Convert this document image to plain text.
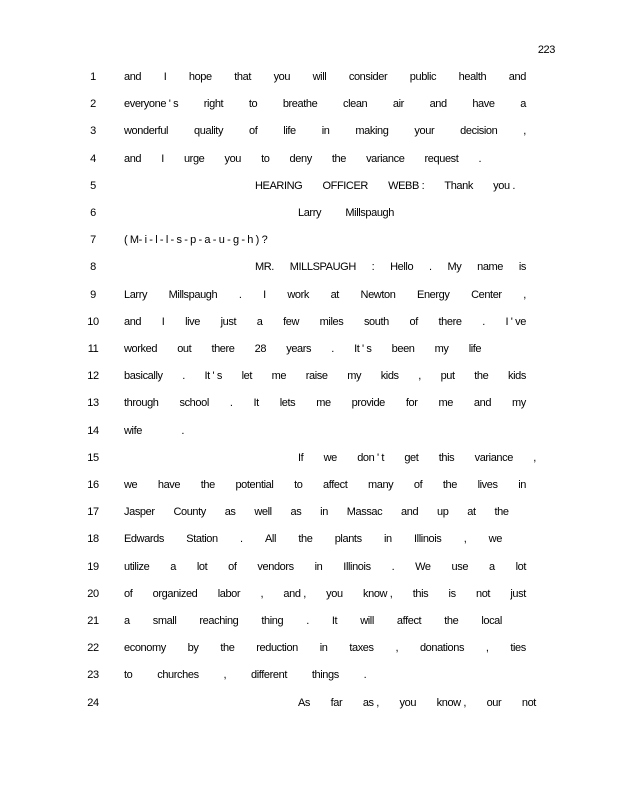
223
1	and I hope that you will consider public health and
2	everyone ' s right to breathe clean air and have a
3	wonderful quality of life in making your decision ,
4	and I urge you to deny the variance request .
5	HEARING OFFICER WEBB : Thank you .
6	Larry Millspaugh
7	( M- i - l - l - s - p - a - u - g - h ) ?
8	MR. MILLSPAUGH : Hello . My name is
9	Larry Millspaugh . I work at Newton Energy Center ,
10 and I live just a few miles south of there . I ' ve
11 worked out there 28 years . It ' s been my life
12 basically . It ' s let me raise my kids , put the kids
13 through school . It lets me provide for me and my
14 wife	.
15	If we don ' t get this variance ,
16 we have the potential to affect many of the lives in
17 Jasper County as well as in Massac and up at the
18 Edwards Station . All the plants in Illinois , we
19 utilize a lot of vendors in Illinois . We use a lot
20 of organized labor , and , you know , this is not just
21 a small reaching thing . It will affect the local
22 economy by the reduction in taxes , donations , ties
23 to churches , different things .
24	As far as , you know , our not
